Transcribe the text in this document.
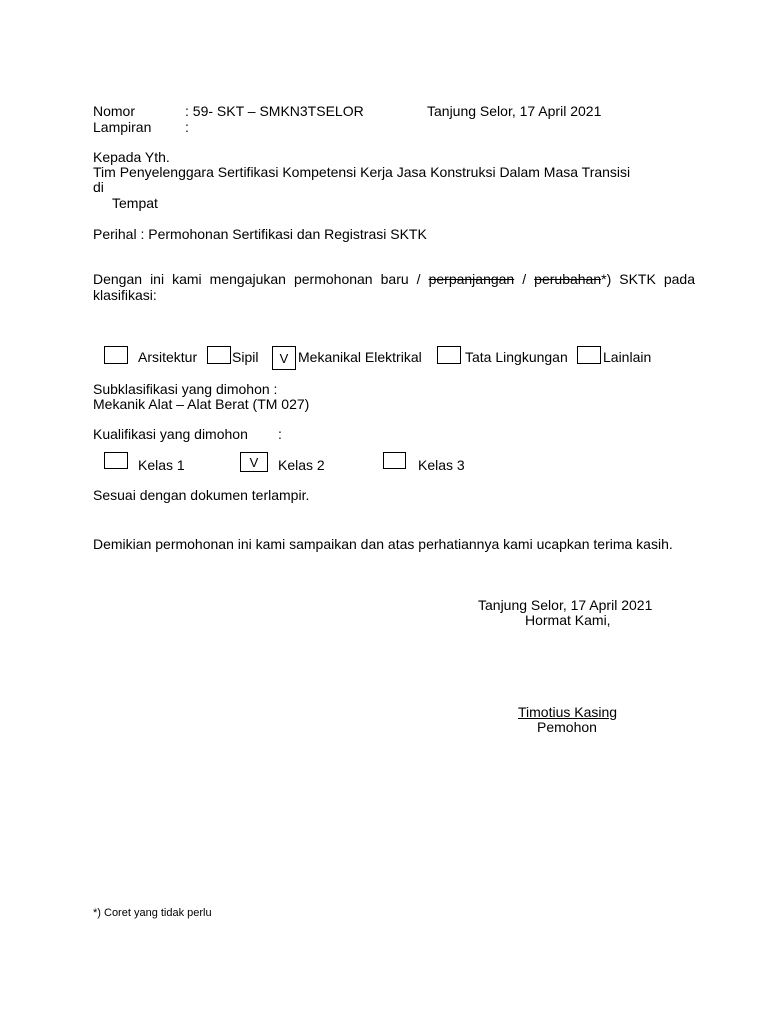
Nomor	: 59- SKT – SMKN3TSELOR	Tanjung Selor, 17 April 2021
Lampiran :
Kepada Yth.
Tim Penyelenggara Sertifikasi Kompetensi Kerja Jasa Konstruksi Dalam Masa Transisi
di
Tempat
Perihal : Permohonan Sertifikasi dan Registrasi SKTK
Dengan ini kami mengajukan permohonan baru / perpanjangan / perubahan*) SKTK pada klasifikasi:
Arsitektur Sipil	V Mekanikal Elektrikal	Tata Lingkungan	Lainlain
Subklasifikasi yang dimohon :
Mekanik Alat – Alat Berat (TM 027)
Kualifikasi yang dimohon :
Kelas 1	V	Kelas 2	Kelas 3
Sesuai dengan dokumen terlampir.
Demikian permohonan ini kami sampaikan dan atas perhatiannya kami ucapkan terima kasih.
Tanjung Selor, 17 April 2021
Hormat Kami,
Timotius Kasing
Pemohon
*) Coret yang tidak perlu
